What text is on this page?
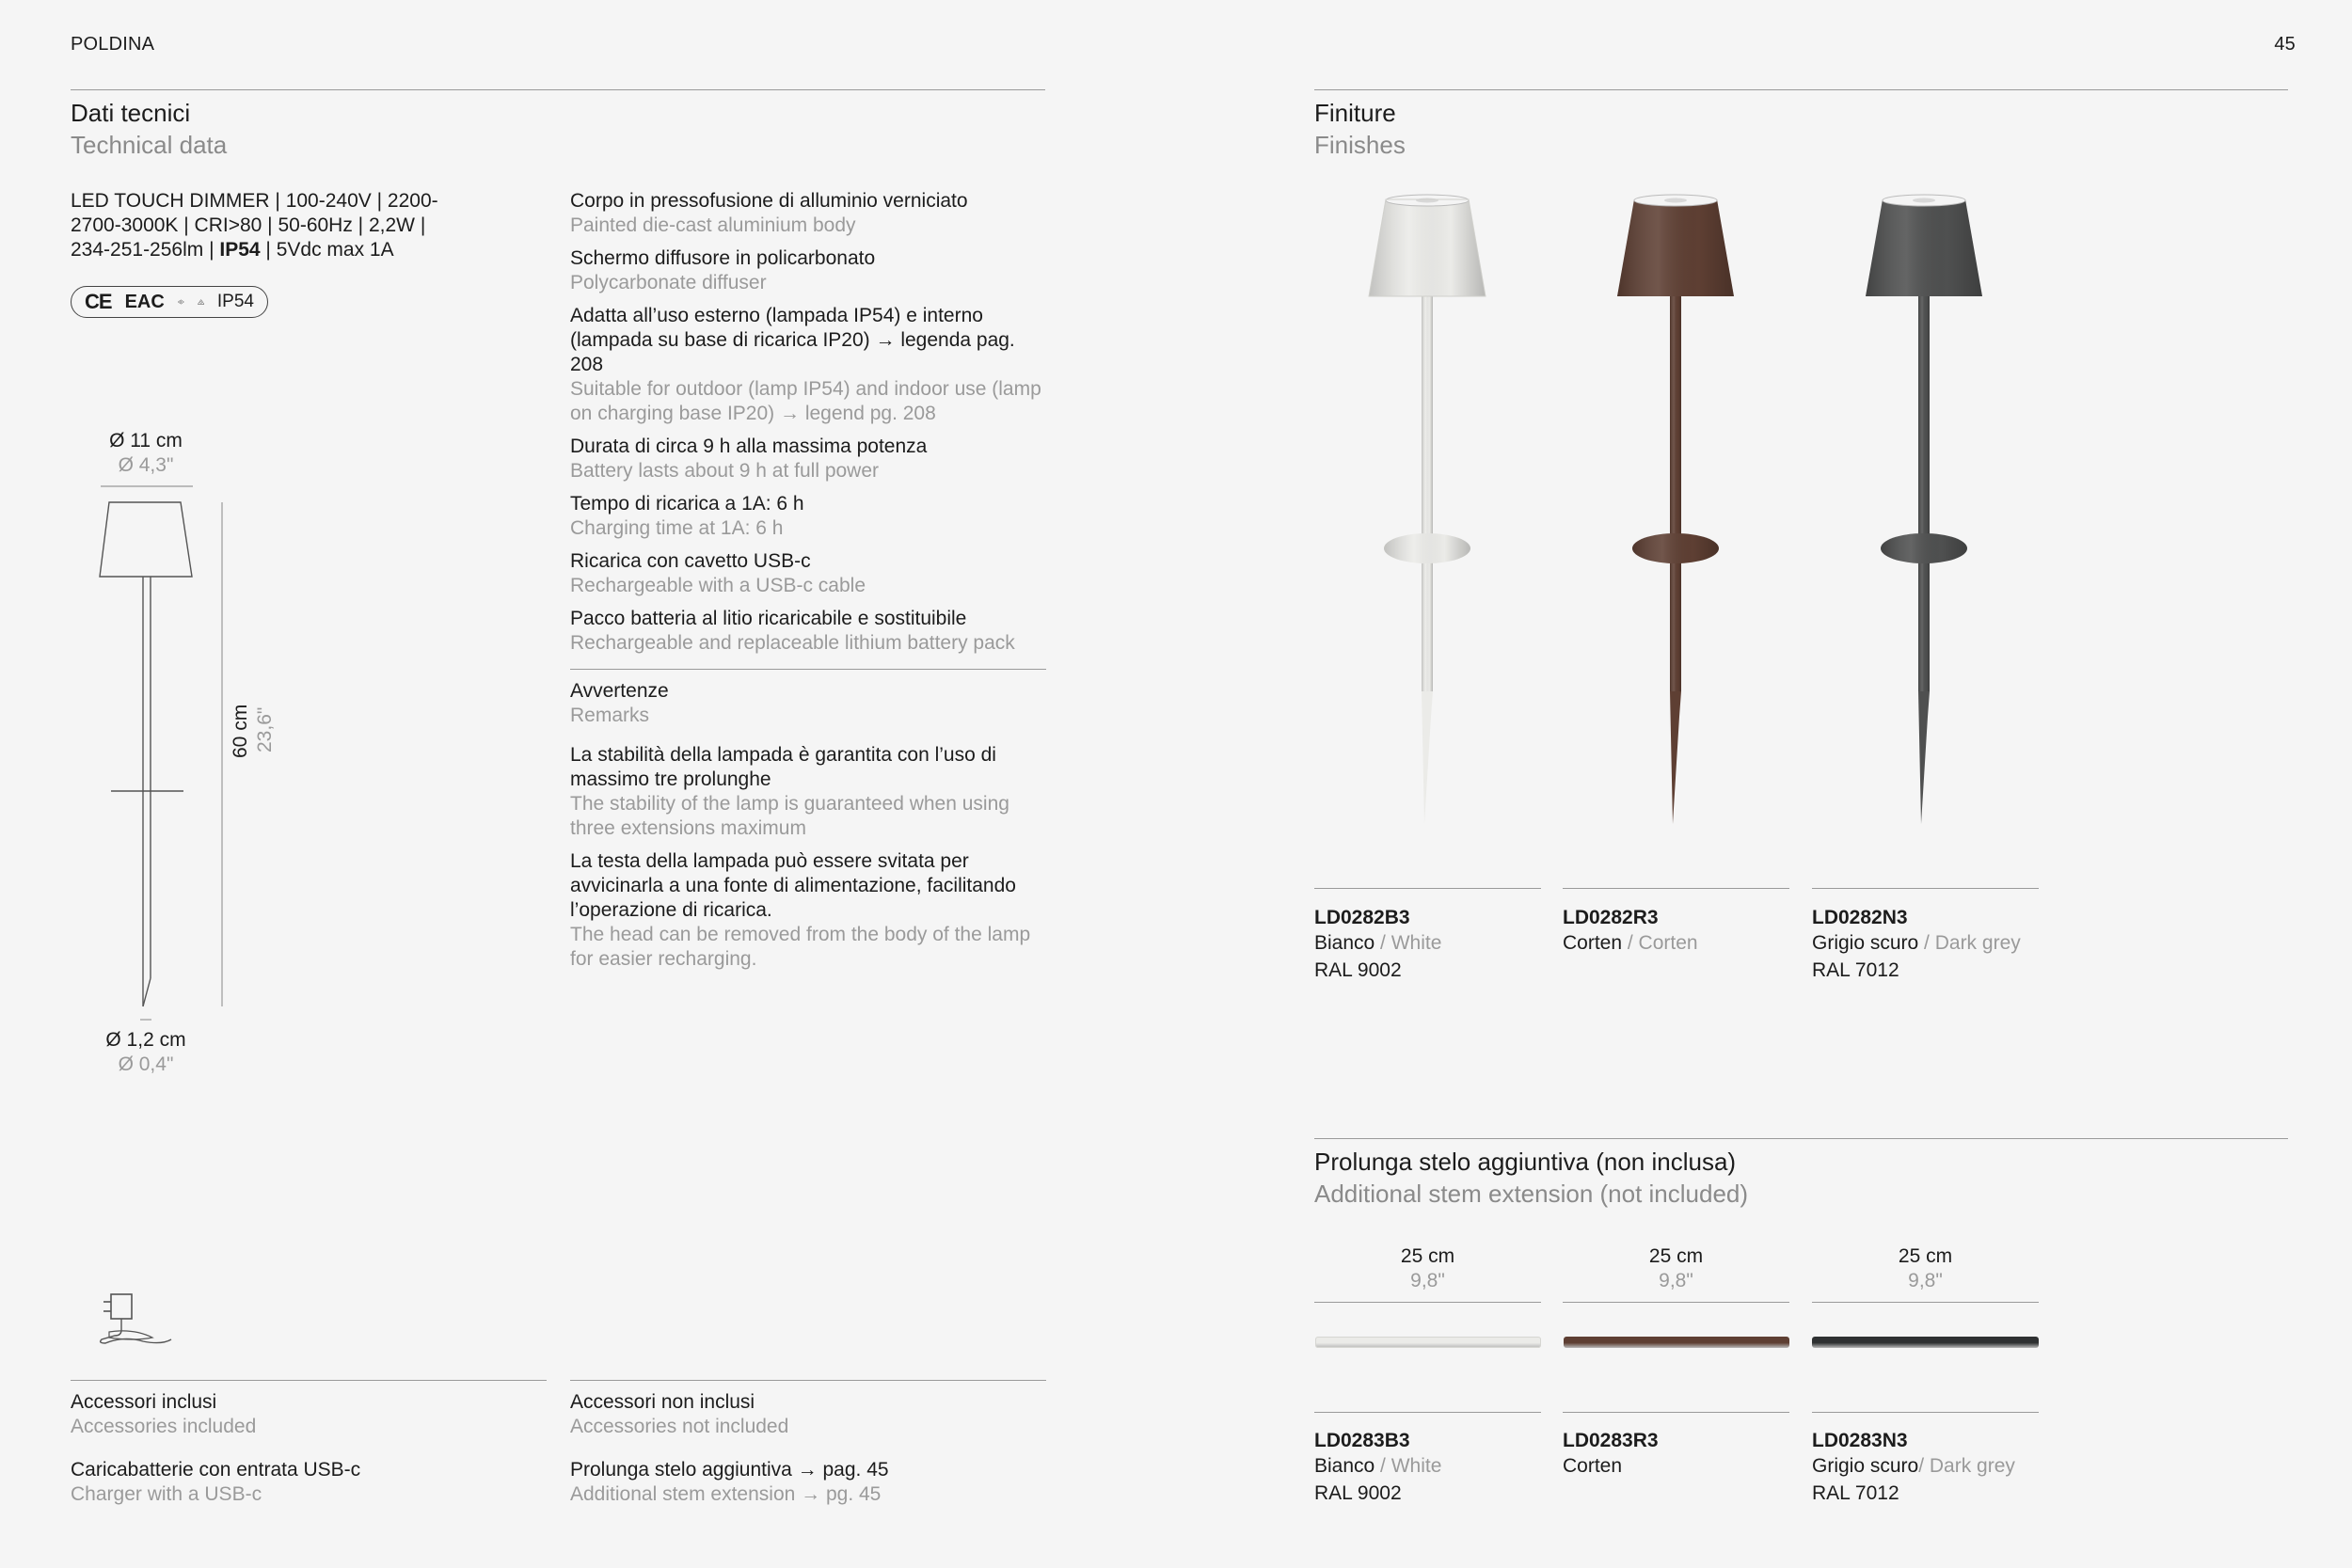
POLDINA	45
Dati tecnici
Technical data
LED TOUCH DIMMER | 100-240V | 2200-
2700-3000K | CRI>80 | 50-60Hz | 2,2W |
234-251-256lm | IP54 | 5Vdc max 1A
CE EAC III IP54
Ø 11 cm
Ø 4,3"
60 cm 23,6"
Ø 1,2 cm
Ø 0,4"
Corpo in pressofusione di alluminio verniciato
Painted die-cast aluminium body
Schermo diffusore in policarbonato
Polycarbonate diffuser
Adatta all’uso esterno (lampada IP54) e interno (lampada su base di ricarica IP20) → legenda pag. 208
Suitable for outdoor (lamp IP54) and indoor use (lamp on charging base IP20) → legend pg. 208
Durata di circa 9 h alla massima potenza
Battery lasts about 9 h at full power
Tempo di ricarica a 1A: 6 h
Charging time at 1A: 6 h
Ricarica con cavetto USB-c
Rechargeable with a USB-c cable
Pacco batteria al litio ricaricabile e sostituibile
Rechargeable and replaceable lithium battery pack
Avvertenze
Remarks
La stabilità della lampada è garantita con l’uso di massimo tre prolunghe
The stability of the lamp is guaranteed when using three extensions maximum
La testa della lampada può essere svitata per avvicinarla a una fonte di alimentazione, facilitando l’operazione di ricarica.
The head can be removed from the body of the lamp for easier recharging.
Accessori inclusi
Accessories included
Caricabatterie con entrata USB-c
Charger with a USB-c
Accessori non inclusi
Accessories not included
Prolunga stelo aggiuntiva → pag. 45
Additional stem extension → pg. 45
Finiture
Finishes
LD0282B3
Bianco / White
RAL 9002
LD0282R3
Corten / Corten
LD0282N3
Grigio scuro / Dark grey
RAL 7012
Prolunga stelo aggiuntiva (non inclusa)
Additional stem extension (not included)
25 cm
9,8"
25 cm
9,8"
25 cm
9,8"
LD0283B3
Bianco / White
RAL 9002
LD0283R3
Corten
LD0283N3
Grigio scuro/ Dark grey
RAL 7012
